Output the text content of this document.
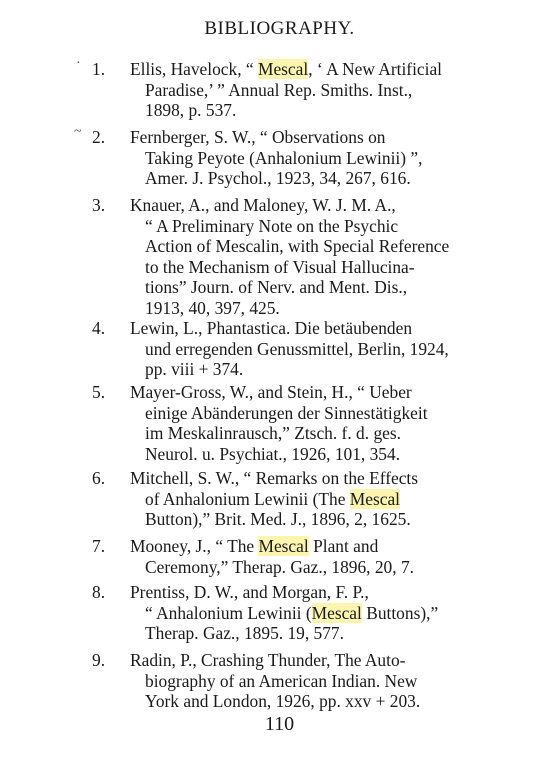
BIBLIOGRAPHY.
·
~
1.	Ellis, Havelock, “ Mescal, ‘ A New Artificial
Paradise,’ ” Annual Rep. Smiths. Inst.,
1898, p. 537.
2.	Fernberger, S. W., “ Observations on
Taking Peyote (Anhalonium Lewinii) ”,
Amer. J. Psychol., 1923, 34, 267, 616.
3.	Knauer, A., and Maloney, W. J. M. A.,
“ A Preliminary Note on the Psychic
Action of Mescalin, with Special Reference
to the Mechanism of Visual Hallucina-
tions” Journ. of Nerv. and Ment. Dis.,
1913, 40, 397, 425.
4.	Lewin, L., Phantastica. Die betäubenden
und erregenden Genussmittel, Berlin, 1924,
pp. viii + 374.
5.	Mayer-Gross, W., and Stein, H., “ Ueber
einige Abänderungen der Sinnestätigkeit
im Meskalinrausch,” Ztsch. f. d. ges.
Neurol. u. Psychiat., 1926, 101, 354.
6.	Mitchell, S. W., “ Remarks on the Effects
of Anhalonium Lewinii (The Mescal
Button),” Brit. Med. J., 1896, 2, 1625.
7.	Mooney, J., “ The Mescal Plant and
Ceremony,” Therap. Gaz., 1896, 20, 7.
8.	Prentiss, D. W., and Morgan, F. P.,
“ Anhalonium Lewinii (Mescal Buttons),”
Therap. Gaz., 1895. 19, 577.
9.	Radin, P., Crashing Thunder, The Auto-
biography of an American Indian. New
York and London, 1926, pp. xxv + 203.
110
